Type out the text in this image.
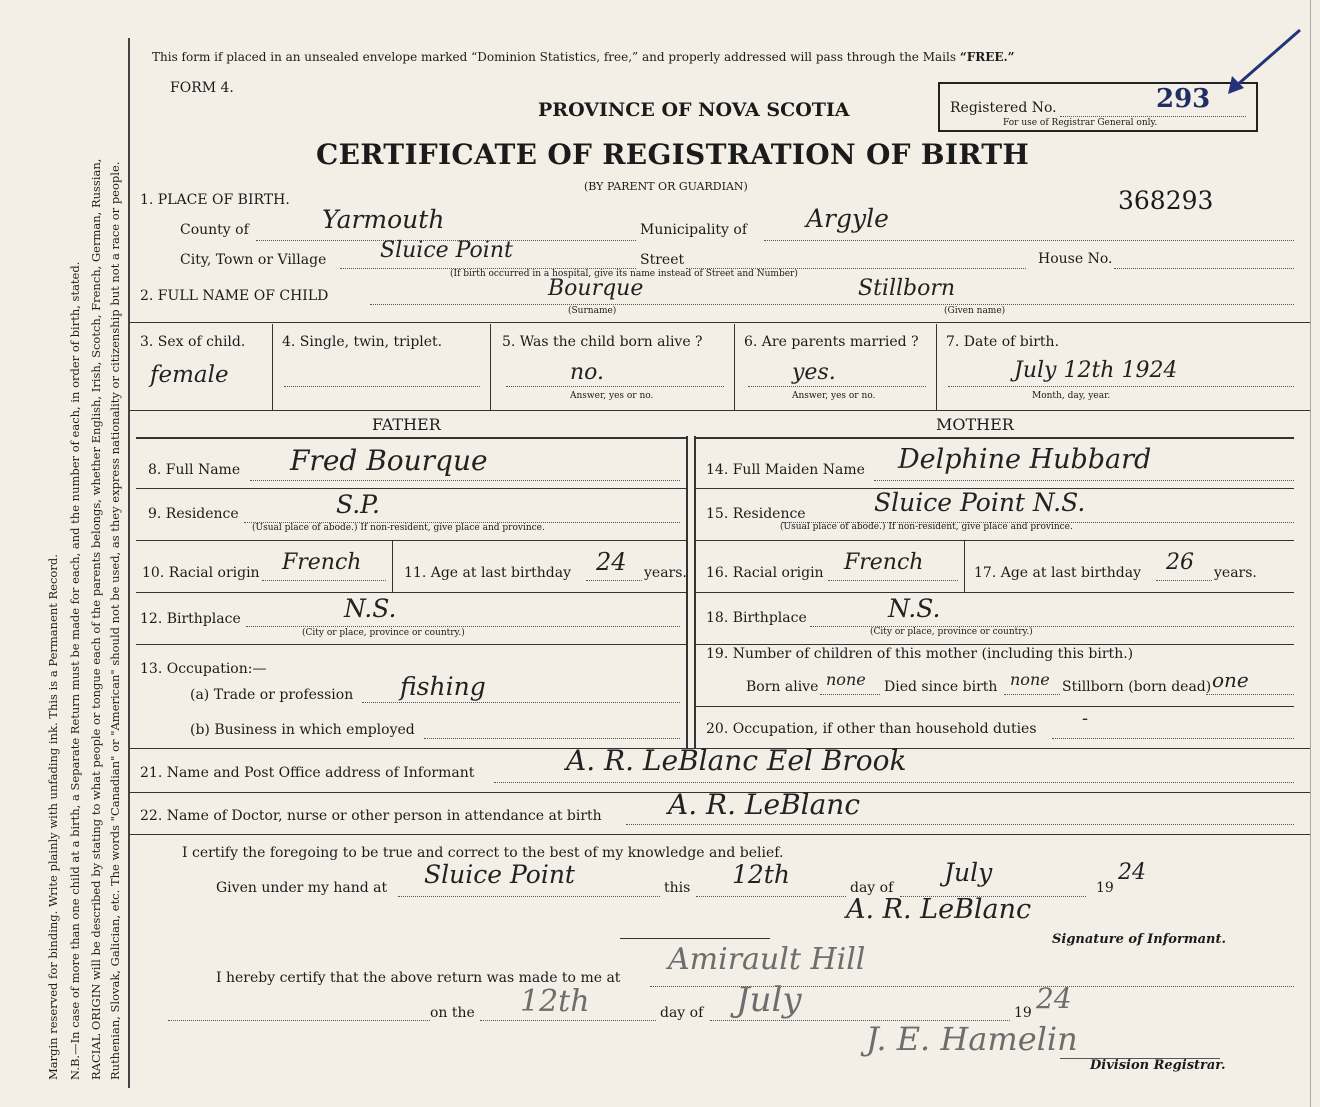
Margin reserved for binding. Write plainly with unfading ink. This is a Permanent Record. N.B.—In case of more than one child at a birth, a Separate Return must be made for each, and the number of each, in order of birth, stated. RACIAL ORIGIN will be described by stating to what people or tongue each of the parents belongs, whether English, Irish, Scotch, French, German, Russian, Ruthenian, Slovak, Galician, etc. The words "Canadian" or "American" should not be used, as they express nationality or citizenship but not a race or people.
This form if placed in an unsealed envelope marked “Dominion Statistics, free,” and properly addressed will pass through the Mails “FREE.”
FORM 4.
PROVINCE OF NOVA SCOTIA
CERTIFICATE OF REGISTRATION OF BIRTH
(BY PARENT OR GUARDIAN)
Registered No.	293
For use of Registrar General only.
368293
1. PLACE OF BIRTH.
County of	Yarmouth	Municipality of Argyle
City, Town or Village Sluice Point	Street	House No.
(If birth occurred in a hospital, give its name instead of Street and Number)
2. FULL NAME OF CHILD	Bourque	Stillborn
(Surname)	(Given name)
3. Sex of child.
female
4. Single, twin, triplet.	5. Was the child born alive ?
no.
Answer, yes or no.
6. Are parents married ?
yes.
Answer, yes or no.
7. Date of birth.
July 12th 1924
Month, day, year.
FATHER	MOTHER
8. Full Name Fred Bourque
9. Residence	S.P.
(Usual place of abode.) If non-resident, give place and province.
10. Racial origin French	11. Age at last birthday 24 years.
12. Birthplace	N.S.
(City or place, province or country.)
13. Occupation:—
(a) Trade or profession fishing
(b) Business in which employed
14. Full Maiden Name Delphine Hubbard
15. Residence	Sluice Point N.S.
(Usual place of abode.) If non-resident, give place and province.
16. Racial origin French	17. Age at last birthday 26 years.
18. Birthplace	N.S.
(City or place, province or country.)
19. Number of children of this mother (including this birth.)
Born alive none Died since birth none Stillborn (born dead) one
20. Occupation, if other than household duties	-
21. Name and Post Office address of Informant	A. R. LeBlanc Eel Brook
22. Name of Doctor, nurse or other person in attendance at birth A. R. LeBlanc
I certify the foregoing to be true and correct to the best of my knowledge and belief.
Given under my hand at Sluice Point	this 12th	day of
July
19
24
A. R. LeBlanc
Signature of Informant.
I hereby certify that the above return was made to me at
Amirault Hill
on the 12th	day of July	19 24
J. E. Hamelin
Division Registrar.
